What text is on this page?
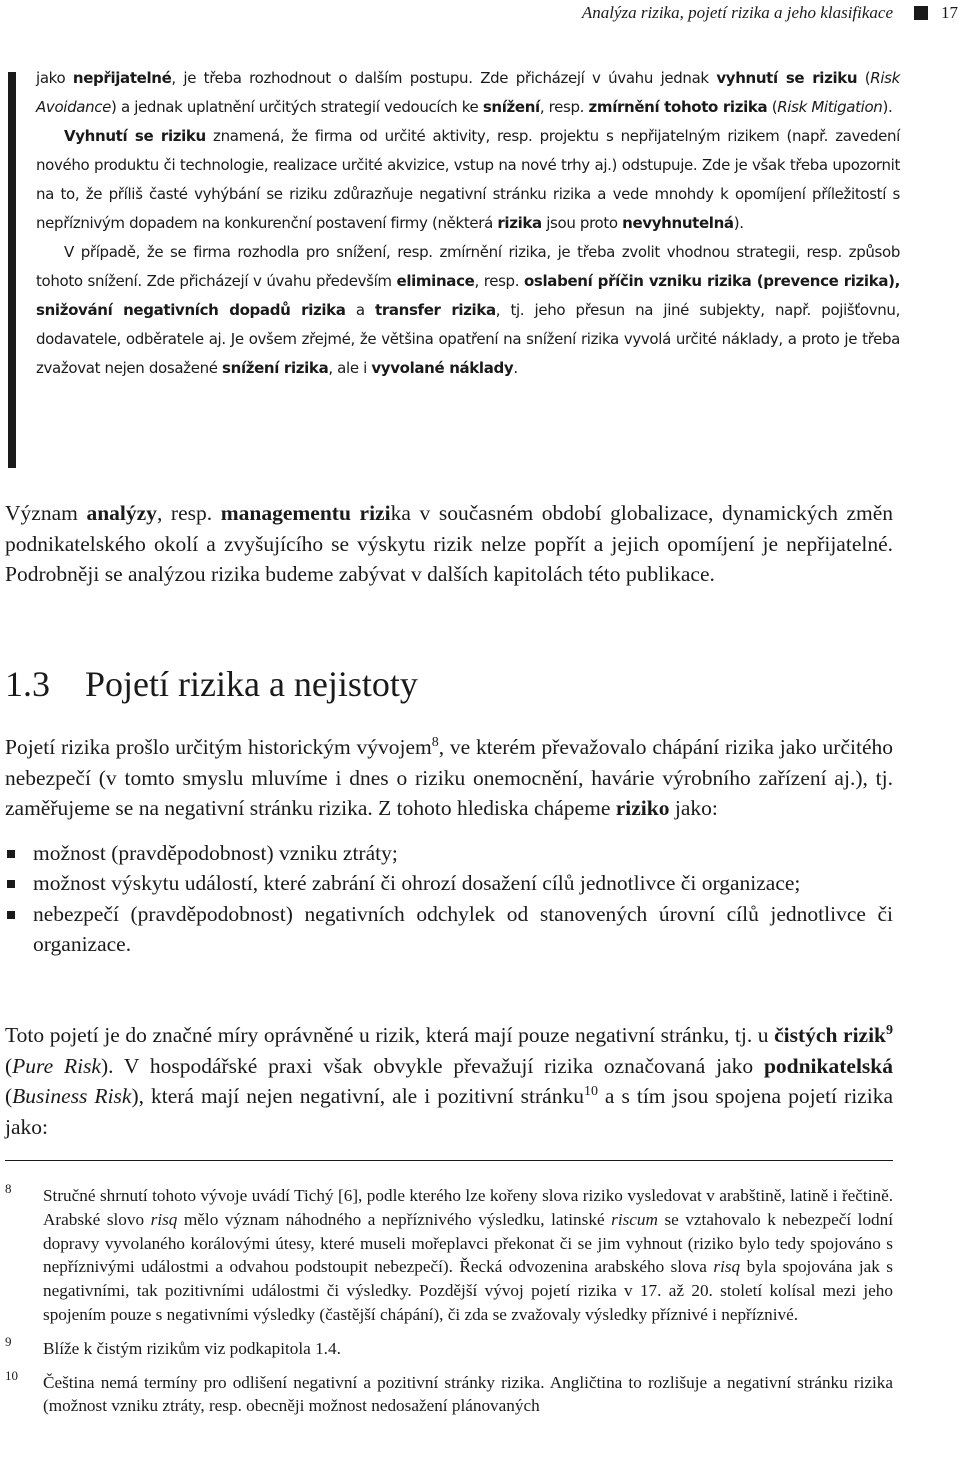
Analýza rizika, pojetí rizika a jeho klasifikace	17

jako nepřijatelné, je třeba rozhodnout o dalším postupu. Zde přicházejí v úvahu jednak vyhnutí se riziku (Risk Avoidance) a jednak uplatnění určitých strategií vedoucích ke snížení, resp. zmírnění tohoto rizika (Risk Mitigation).

Vyhnutí se riziku znamená, že firma od určité aktivity, resp. projektu s nepřijatelným rizikem (např. zavedení nového produktu či technologie, realizace určité akvizice, vstup na nové trhy aj.) odstupuje. Zde je však třeba upozornit na to, že příliš časté vyhýbání se riziku zdůrazňuje negativní stránku rizika a vede mnohdy k opomíjení příležitostí s nepříznivým dopadem na konkurenční postavení firmy (některá rizika jsou proto nevyhnutelná).

V případě, že se firma rozhodla pro snížení, resp. zmírnění rizika, je třeba zvolit vhodnou strategii, resp. způsob tohoto snížení. Zde přicházejí v úvahu především eliminace, resp. oslabení příčin vzniku rizika (prevence rizika), snižování negativních dopadů rizika a transfer rizika, tj. jeho přesun na jiné subjekty, např. pojišťovnu, dodavatele, odběratele aj. Je ovšem zřejmé, že většina opatření na snížení rizika vyvolá určité náklady, a proto je třeba zvažovat nejen dosažené snížení rizika, ale i vyvolané náklady.

Význam analýzy, resp. managementu rizika v současném období globalizace, dynamických změn podnikatelského okolí a zvyšujícího se výskytu rizik nelze popřít a jejich opomíjení je nepřijatelné. Podrobněji se analýzou rizika budeme zabývat v dalších kapitolách této publikace.

1.3 Pojetí rizika a nejistoty

Pojetí rizika prošlo určitým historickým vývojem$^8$, ve kterém převažovalo chápání rizika jako určitého nebezpečí (v tomto smyslu mluvíme i dnes o riziku onemocnění, havárie výrobního zařízení aj.), tj. zaměřujeme se na negativní stránku rizika. Z tohoto hlediska chápeme riziko jako:

možnost (pravděpodobnost) vzniku ztráty;
možnost výskytu událostí, které zabrání či ohrozí dosažení cílů jednotlivce či organizace;
nebezpečí (pravděpodobnost) negativních odchylek od stanovených úrovní cílů jednotlivce či organizace.

Toto pojetí je do značné míry oprávněné u rizik, která mají pouze negativní stránku, tj. u čistých rizik$^9$ (Pure Risk). V hospodářské praxi však obvykle převažují rizika označovaná jako podnikatelská (Business Risk), která mají nejen negativní, ale i pozitivní stránku$^{10}$ a s tím jsou spojena pojetí rizika jako:

8 Stručné shrnutí tohoto vývoje uvádí Tichý [6], podle kterého lze kořeny slova riziko vysledovat v arabštině, latině i řečtině. Arabské slovo risq mělo význam náhodného a nepříznivého výsledku, latinské riscum se vztahovalo k nebezpečí lodní dopravy vyvolaného korálovými útesy, které museli mořeplavci překonat či se jim vyhnout (riziko bylo tedy spojováno s nepříznivými událostmi a odvahou podstoupit nebezpečí). Řecká odvozenina arabského slova risq byla spojována jak s negativními, tak pozitivními událostmi či výsledky. Pozdější vývoj pojetí rizika v 17. až 20. století kolísal mezi jeho spojením pouze s negativními výsledky (častější chápání), či zda se zvažovaly výsledky příznivé i nepříznivé.
9 Blíže k čistým rizikům viz podkapitola 1.4.
10 Čeština nemá termíny pro odlišení negativní a pozitivní stránky rizika. Angličtina to rozlišuje a negativní stránku rizika (možnost vzniku ztráty, resp. obecněji možnost nedosažení plánovaných
